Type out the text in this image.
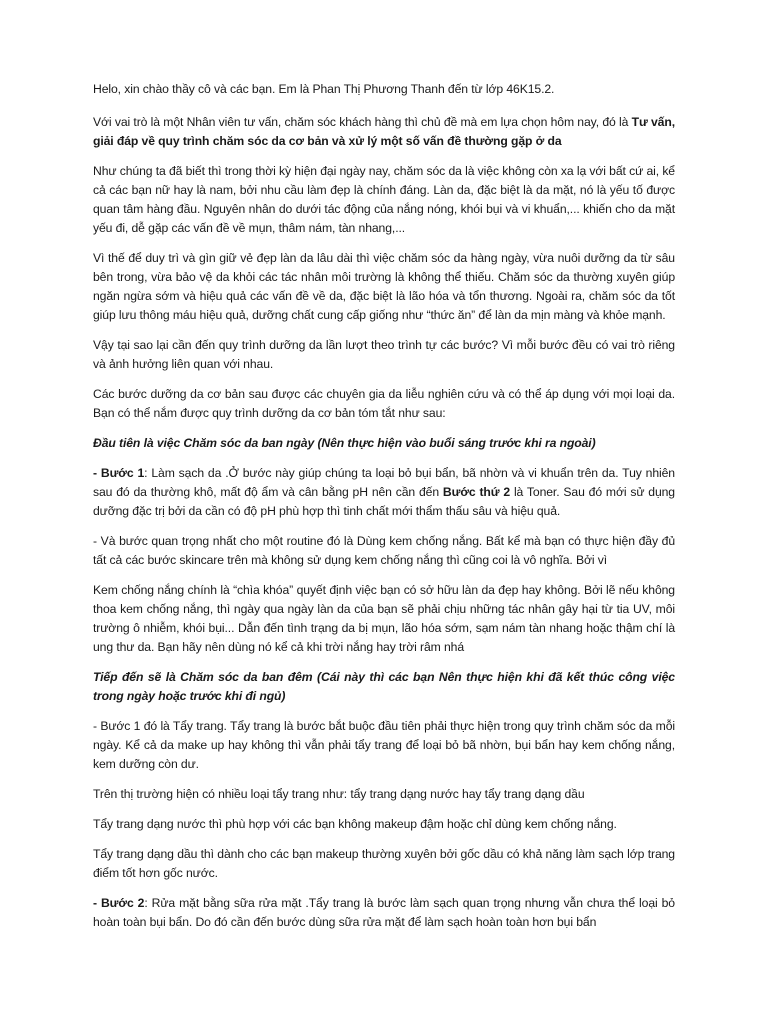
Helo, xin chào thầy cô và các bạn. Em là Phan Thị Phương Thanh đến từ lớp 46K15.2.

Với vai trò là một Nhân viên tư vấn, chăm sóc khách hàng thì chủ đề mà em lựa chọn hôm nay, đó là Tư vấn, giải đáp về quy trình chăm sóc da cơ bản và xử lý một số vấn đề thường gặp ở da

Như chúng ta đã biết thì trong thời kỳ hiện đại ngày nay, chăm sóc da là việc không còn xa lạ với bất cứ ai, kể cả các bạn nữ hay là nam, bởi nhu cầu làm đẹp là chính đáng. Làn da, đặc biệt là da mặt, nó là yếu tố được quan tâm hàng đầu. Nguyên nhân do dưới tác động của nắng nóng, khói bụi và vi khuẩn,... khiến cho da mặt yếu đi, dễ gặp các vấn đề về mụn, thâm nám, tàn nhang,...

Vì thế để duy trì và gìn giữ vẻ đẹp làn da lâu dài thì việc chăm sóc da hàng ngày, vừa nuôi dưỡng da từ sâu bên trong, vừa bảo vệ da khỏi các tác nhân môi trường là không thể thiếu. Chăm sóc da thường xuyên giúp ngăn ngừa sớm và hiệu quả các vấn đề về da, đặc biệt là lão hóa và tổn thương. Ngoài ra, chăm sóc da tốt giúp lưu thông máu hiệu quả, dưỡng chất cung cấp giống như “thức ăn” để làn da mịn màng và khỏe mạnh.

Vậy tại sao lại cần đến quy trình dưỡng da lần lượt theo trình tự các bước? Vì mỗi bước đều có vai trò riêng và ảnh hưởng liên quan với nhau.

Các bước dưỡng da cơ bản sau được các chuyên gia da liễu nghiên cứu và có thể áp dụng với mọi loại da. Bạn có thể nắm được quy trình dưỡng da cơ bản tóm tắt như sau:

Đầu tiên là việc Chăm sóc da ban ngày (Nên thực hiện vào buổi sáng trước khi ra ngoài)

- Bước 1: Làm sạch da .Ở bước này giúp chúng ta loại bỏ bụi bẩn, bã nhờn và vi khuẩn trên da. Tuy nhiên sau đó da thường khô, mất độ ẩm và cân bằng pH nên cần đến Bước thứ 2 là Toner. Sau đó mới sử dụng dưỡng đặc trị bởi da cần có độ pH phù hợp thì tinh chất mới thẩm thấu sâu và hiệu quả.

- Và bước quan trọng nhất cho một routine đó là Dùng kem chống nắng. Bất kể mà bạn có thực hiện đầy đủ tất cả các bước skincare trên mà không sử dụng kem chống nắng thì cũng coi là vô nghĩa. Bởi vì

Kem chống nắng chính là “chìa khóa” quyết định việc bạn có sở hữu làn da đẹp hay không. Bởi lẽ nếu không thoa kem chống nắng, thì ngày qua ngày làn da của bạn sẽ phải chịu những tác nhân gây hại từ tia UV, môi trường ô nhiễm, khói bụi... Dẫn đến tình trạng da bị mụn, lão hóa sớm, sạm nám tàn nhang hoặc thậm chí là ung thư da. Bạn hãy nên dùng nó kể cả khi trời nắng hay trời râm nhá

Tiếp đến sẽ là Chăm sóc da ban đêm (Cái này thì các bạn Nên thực hiện khi đã kết thúc công việc trong ngày hoặc trước khi đi ngủ)

- Bước 1 đó là Tẩy trang. Tẩy trang là bước bắt buộc đầu tiên phải thực hiện trong quy trình chăm sóc da mỗi ngày. Kể cả da make up hay không thì vẫn phải tẩy trang để loại bỏ bã nhờn, bụi bẩn hay kem chống nắng, kem dưỡng còn dư.

Trên thị trường hiện có nhiều loại tẩy trang như: tẩy trang dạng nước hay tẩy trang dạng dầu

Tẩy trang dạng nước thì phù hợp với các bạn không makeup đậm hoặc chỉ dùng kem chống nắng.

Tẩy trang dạng dầu thì dành cho các bạn makeup thường xuyên bởi gốc dầu có khả năng làm sạch lớp trang điểm tốt hơn gốc nước.

- Bước 2: Rửa mặt bằng sữa rửa mặt .Tẩy trang là bước làm sạch quan trọng nhưng vẫn chưa thể loại bỏ hoàn toàn bụi bẩn. Do đó cần đến bước dùng sữa rửa mặt để làm sạch hoàn toàn hơn bụi bẩn
